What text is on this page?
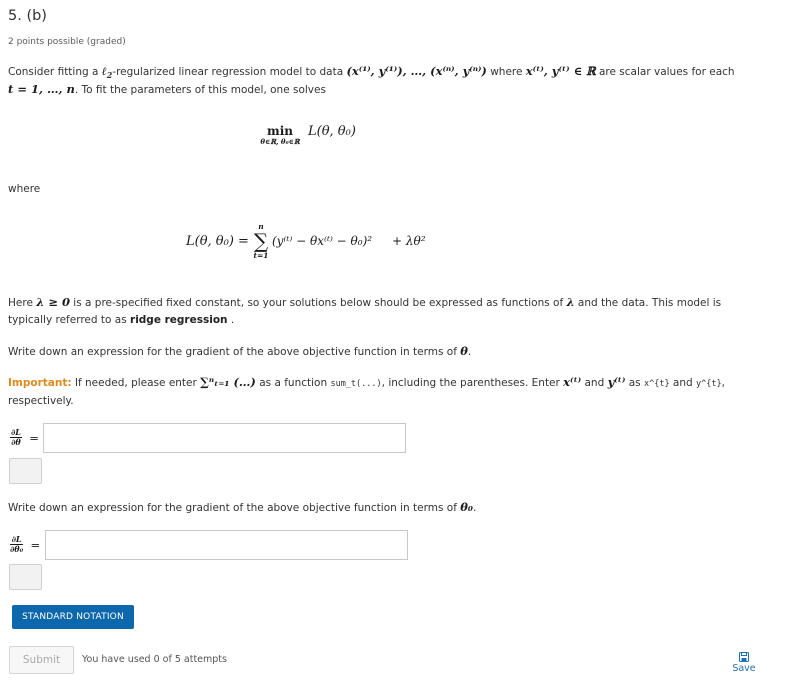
5. (b)
2 points possible (graded)
Consider fitting a ℓ$_2$-regularized linear regression model to data (x⁽¹⁾, y⁽¹⁾), …, (x⁽ⁿ⁾, y⁽ⁿ⁾) where x⁽ᵗ⁾, y⁽ᵗ⁾ ∈ ℝ are scalar values for each
t = 1, …, n. To fit the parameters of this model, one solves
min
θ∈ℝ, θ₀∈ℝ
L(θ, θ₀)
where
L(θ, θ₀) =
n
∑
t=1
(y⁽ᵗ⁾ − θx⁽ᵗ⁾ − θ₀)² + λθ²
Here λ ≥ 0 is a pre-specified fixed constant, so your solutions below should be expressed as functions of λ and the data. This model is typically referred to as ridge regression .
Write down an expression for the gradient of the above objective function in terms of θ.
Important: If needed, please enter ∑ⁿₜ₌₁ (…) as a function sum_t(...), including the parentheses. Enter x⁽ᵗ⁾ and y⁽ᵗ⁾ as x^{t} and y^{t},
respectively.
$\frac{\partial L}{\partial\theta}$ =
Write down an expression for the gradient of the above objective function in terms of θ₀.
$\frac{\partial L}{\text{∂θ₀}}$ =
STANDARD NOTATION
Submit	You have used 0 of 5 attempts
Save
